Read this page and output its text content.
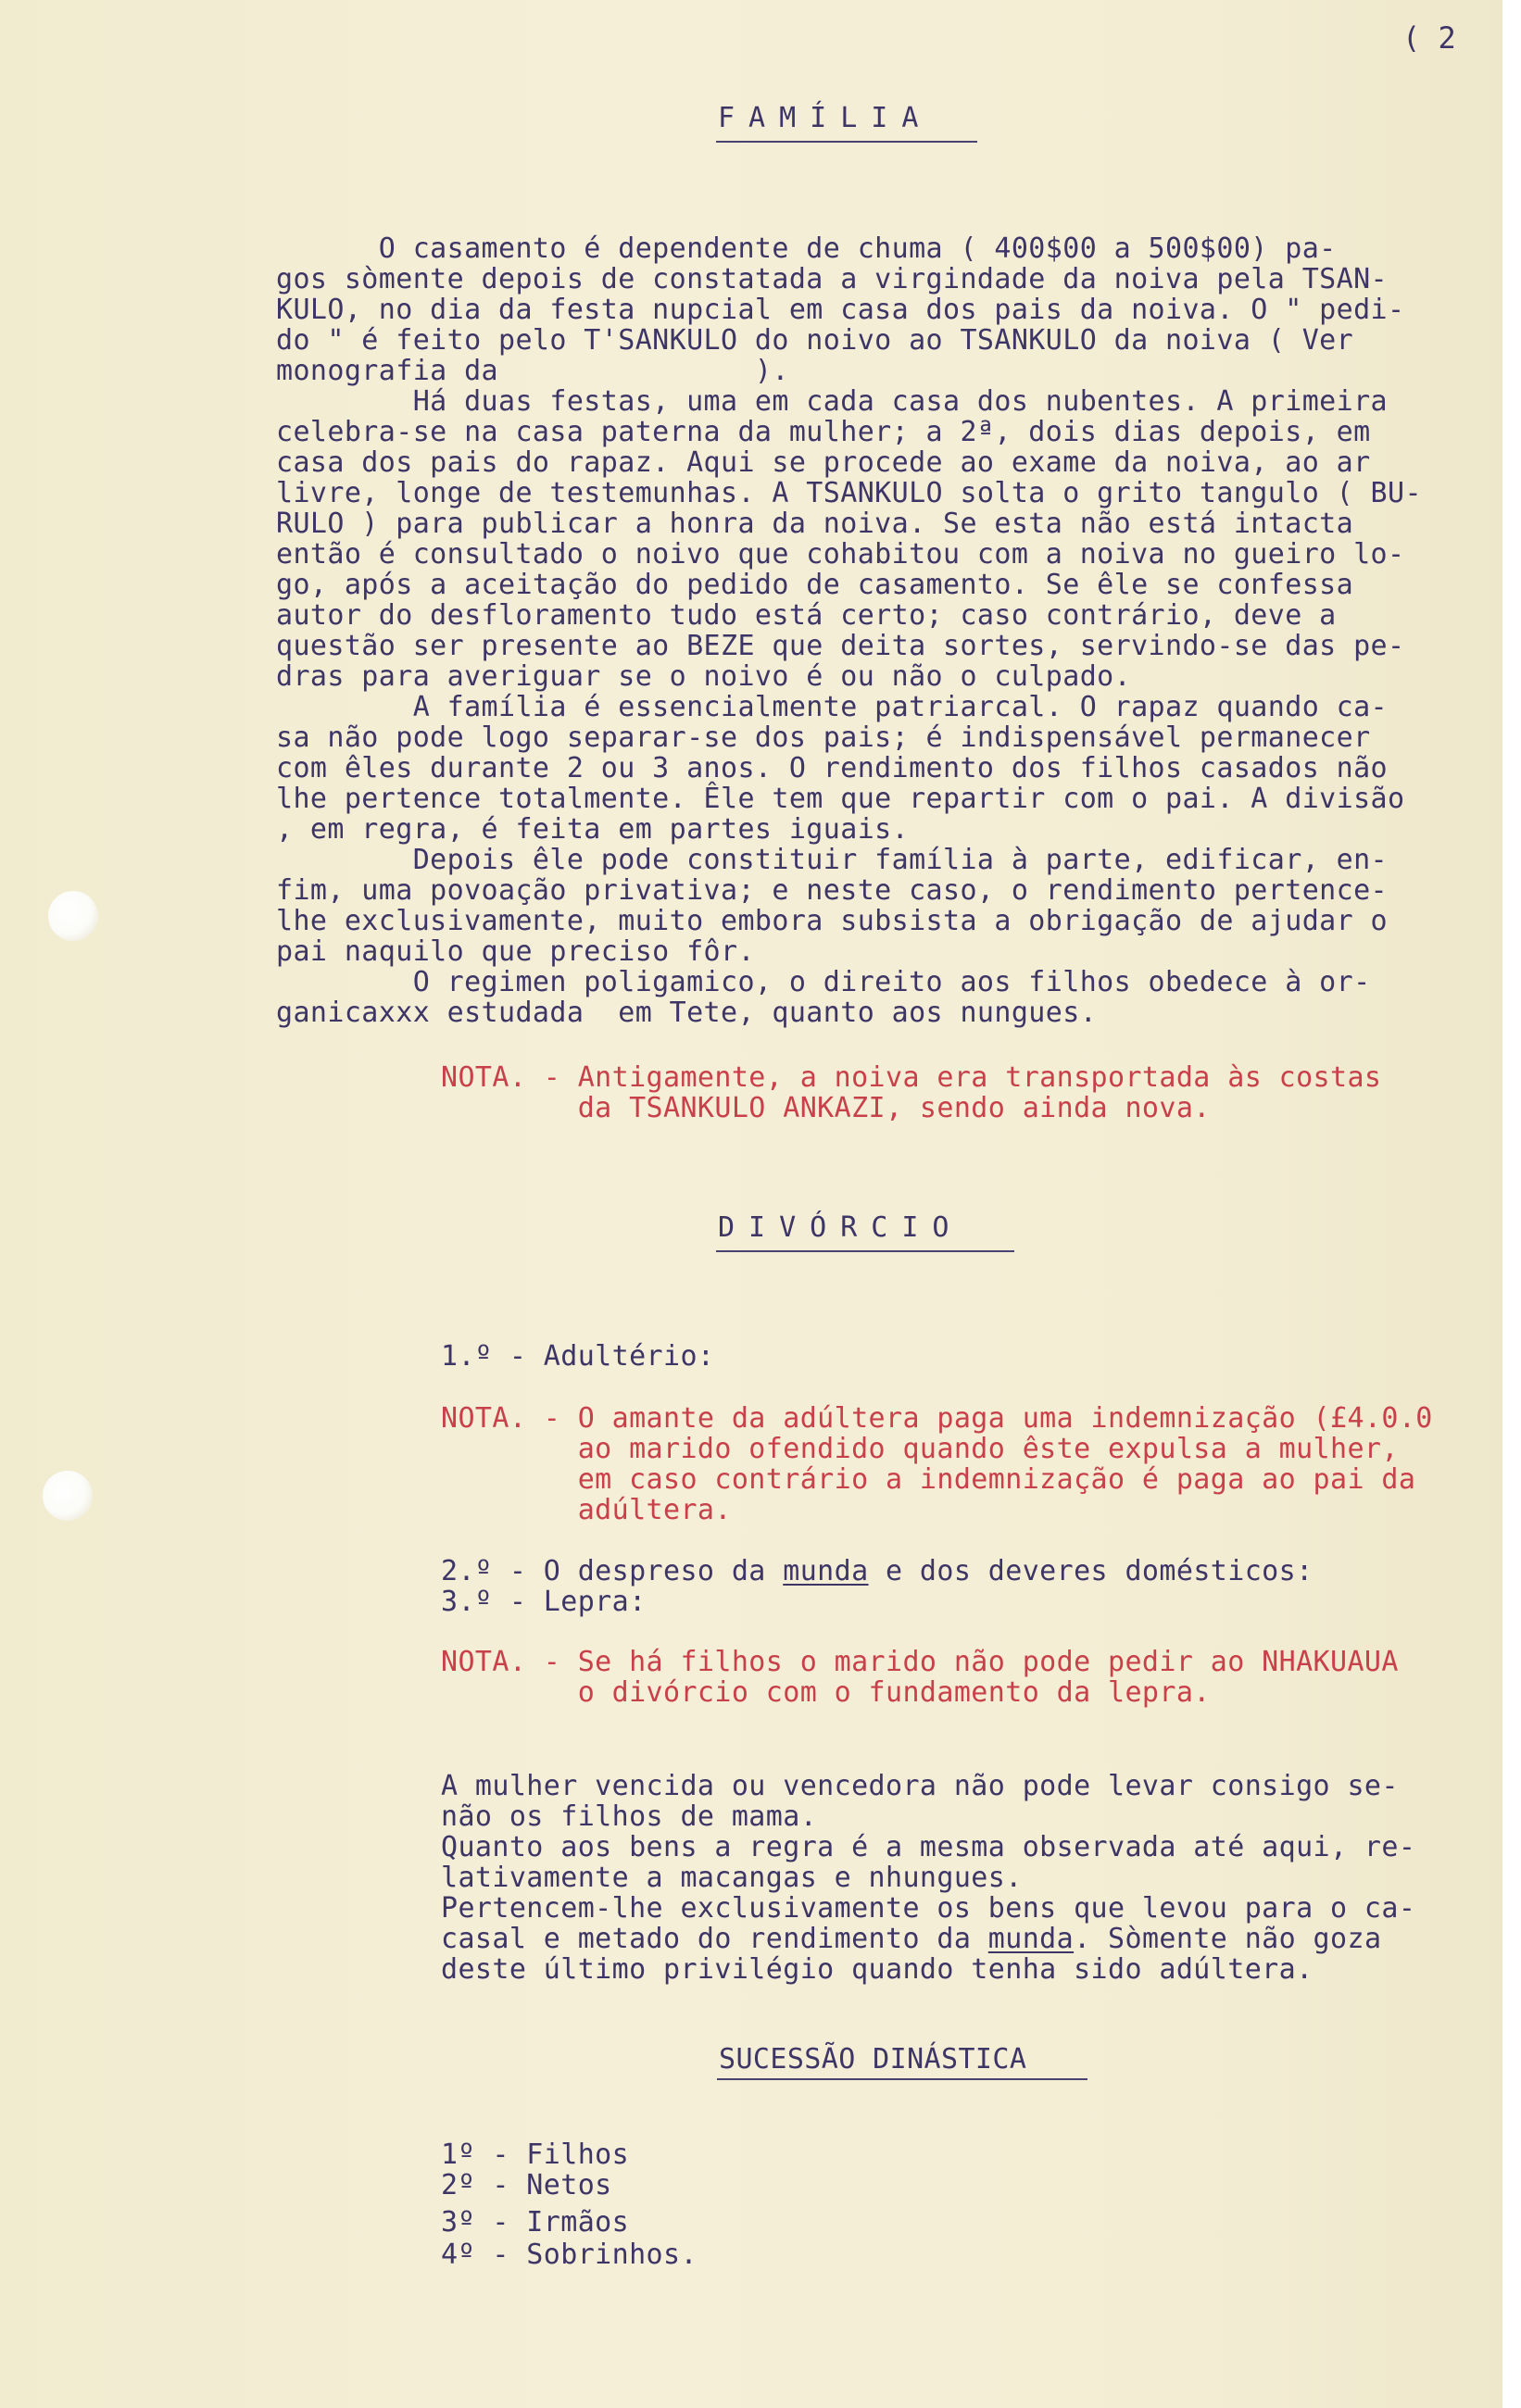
( 2
FAMÍLIA
O casamento é dependente de chuma ( 400$00 a 500$00) pa-
gos sòmente depois de constatada a virgindade da noiva pela TSAN-
KULO, no dia da festa nupcial em casa dos pais da noiva. O " pedi-
do " é feito pelo T'SANKULO do noivo ao TSANKULO da noiva ( Ver
monografia da               ).
Há duas festas, uma em cada casa dos nubentes. A primeira
celebra-se na casa paterna da mulher; a 2ª, dois dias depois, em
casa dos pais do rapaz. Aqui se procede ao exame da noiva, ao ar
livre, longe de testemunhas. A TSANKULO solta o grito tangulo ( BU-
RULO ) para publicar a honra da noiva. Se esta não está intacta
então é consultado o noivo que cohabitou com a noiva no gueiro lo-
go, após a aceitação do pedido de casamento. Se êle se confessa
autor do desfloramento tudo está certo; caso contrário, deve a
questão ser presente ao BEZE que deita sortes, servindo-se das pe-
dras para averiguar se o noivo é ou não o culpado.
A família é essencialmente patriarcal. O rapaz quando ca-
sa não pode logo separar-se dos pais; é indispensável permanecer
com êles durante 2 ou 3 anos. O rendimento dos filhos casados não
lhe pertence totalmente. Êle tem que repartir com o pai. A divisão
, em regra, é feita em partes iguais.
Depois êle pode constituir família à parte, edificar, en-
fim, uma povoação privativa; e neste caso, o rendimento pertence-
lhe exclusivamente, muito embora subsista a obrigação de ajudar o
pai naquilo que preciso fôr.
O regimen poligamico, o direito aos filhos obedece à or-
ganicaxxx estudada  em Tete, quanto aos nungues.
NOTA. - Antigamente, a noiva era transportada às costas
da TSANKULO ANKAZI, sendo ainda nova.
DIVÓRCIO
1.º - Adultério:
NOTA. - O amante da adúltera paga uma indemnização (£4.0.0
ao marido ofendido quando êste expulsa a mulher,
em caso contrário a indemnização é paga ao pai da
adúltera.
2.º - O despreso da munda e dos deveres domésticos:
3.º - Lepra:
NOTA. - Se há filhos o marido não pode pedir ao NHAKUAUA
o divórcio com o fundamento da lepra.
A mulher vencida ou vencedora não pode levar consigo se-
não os filhos de mama.
Quanto aos bens a regra é a mesma observada até aqui, re-
lativamente a macangas e nhungues.
Pertencem-lhe exclusivamente os bens que levou para o ca-
casal e metado do rendimento da munda. Sòmente não goza
deste último privilégio quando tenha sido adúltera.
SUCESSÃO DINÁSTICA
1º - Filhos
2º - Netos
3º - Irmãos
4º - Sobrinhos.
